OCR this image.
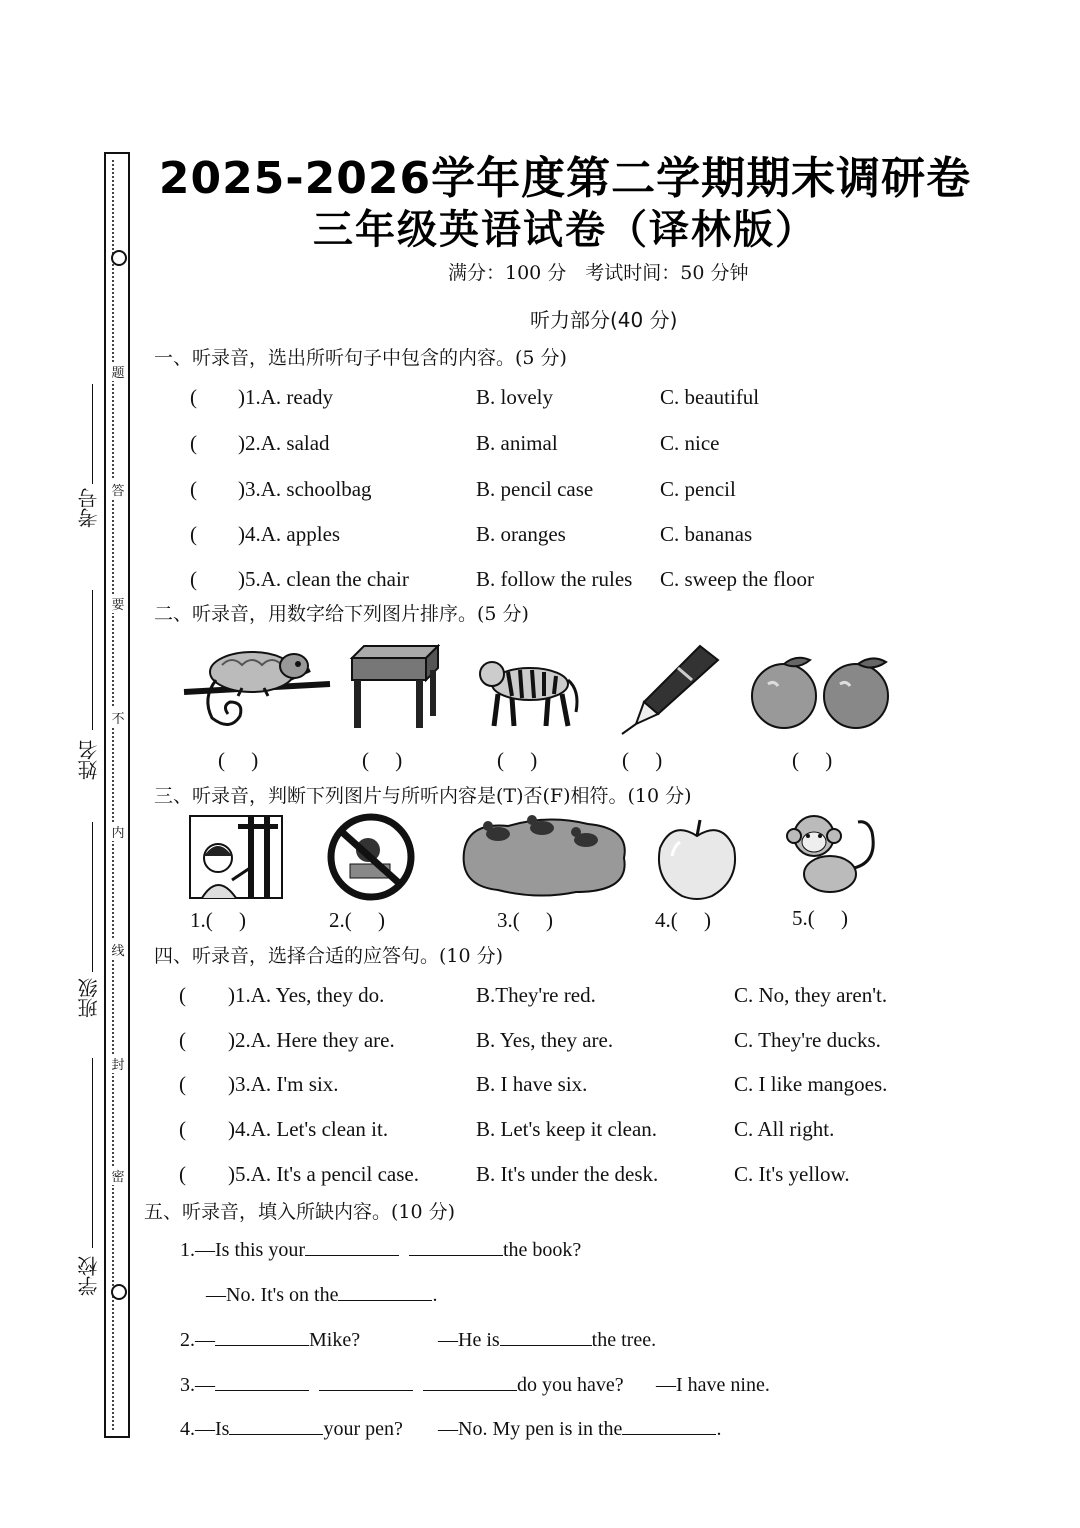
题
答
要
不
内
线
封
密
考号
姓名
班级
学校
2025-2026学年度第二学期期末调研卷
三年级英语试卷（译林版）
满分：100 分　考试时间：50 分钟
听力部分(40 分)
一、听录音，选出所听句子中包含的内容。(5 分)
( )1.A. ready	B. lovely	C. beautiful
( )2.A. salad	B. animal	C. nice
( )3.A. schoolbag	B. pencil case	C. pencil
( )4.A. apples	B. oranges	C. bananas
( )5.A. clean the chair	B. follow the rules C. sweep the floor
二、听录音，用数字给下列图片排序。(5 分)
(　 )	(　 )	(　 )	(　 )	(　 )
三、听录音，判断下列图片与所听内容是(T)否(F)相符。(10 分)
1.(　 )	2.(　 )	3.(　 )	4.(　 )	5.(　 )
四、听录音，选择合适的应答句。(10 分)
( )1.A. Yes, they do.	B.They're red.	C. No, they aren't.
( )2.A. Here they are.	B. Yes, they are.	C. They're ducks.
( )3.A. I'm six.	B. I have six.	C. I like mangoes.
( )4.A. Let's clean it.	B. Let's keep it clean.	C. All right.
( )5.A. It's a pencil case.	B. It's under the desk.	C. It's yellow.
五、听录音，填入所缺内容。(10 分)
1.—Is this your	the book?
—No. It's on the	.
2.—	Mike?	—He is	the tree.
3.—	do you have? —I have nine.
4.—Is	your pen? —No. My pen is in the	.
